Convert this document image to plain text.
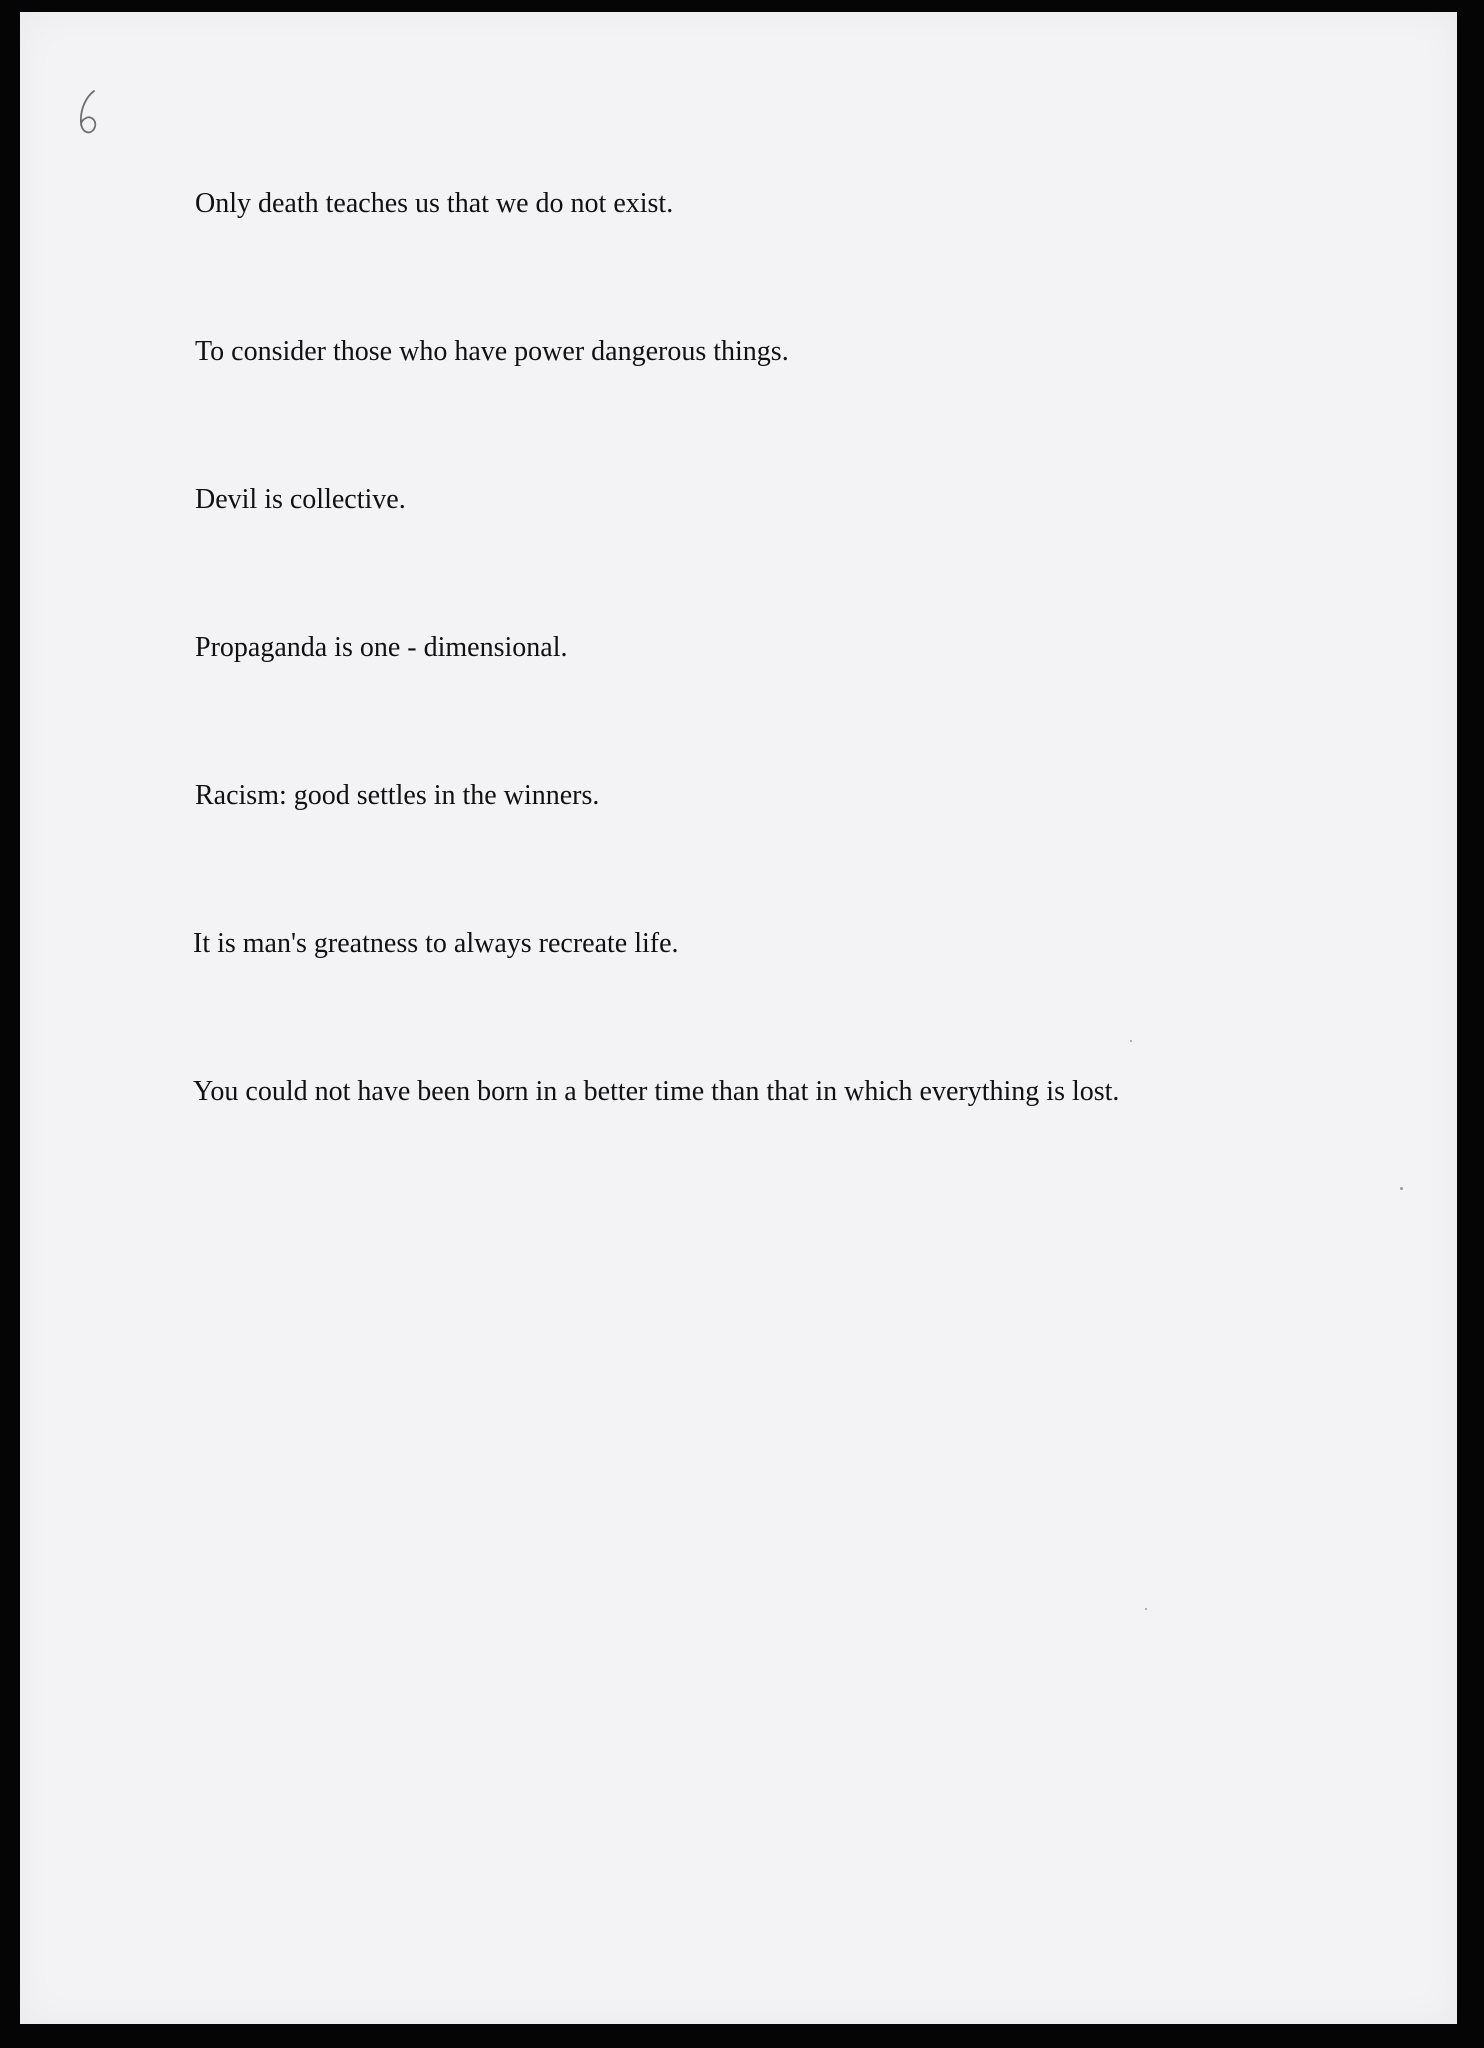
Only death teaches us that we do not exist.

To consider those who have power dangerous things.

Devil is collective.

Propaganda is one - dimensional.

Racism: good settles in the winners.

It is man's greatness to always recreate life.

You could not have been born in a better time than that in which everything is lost.
